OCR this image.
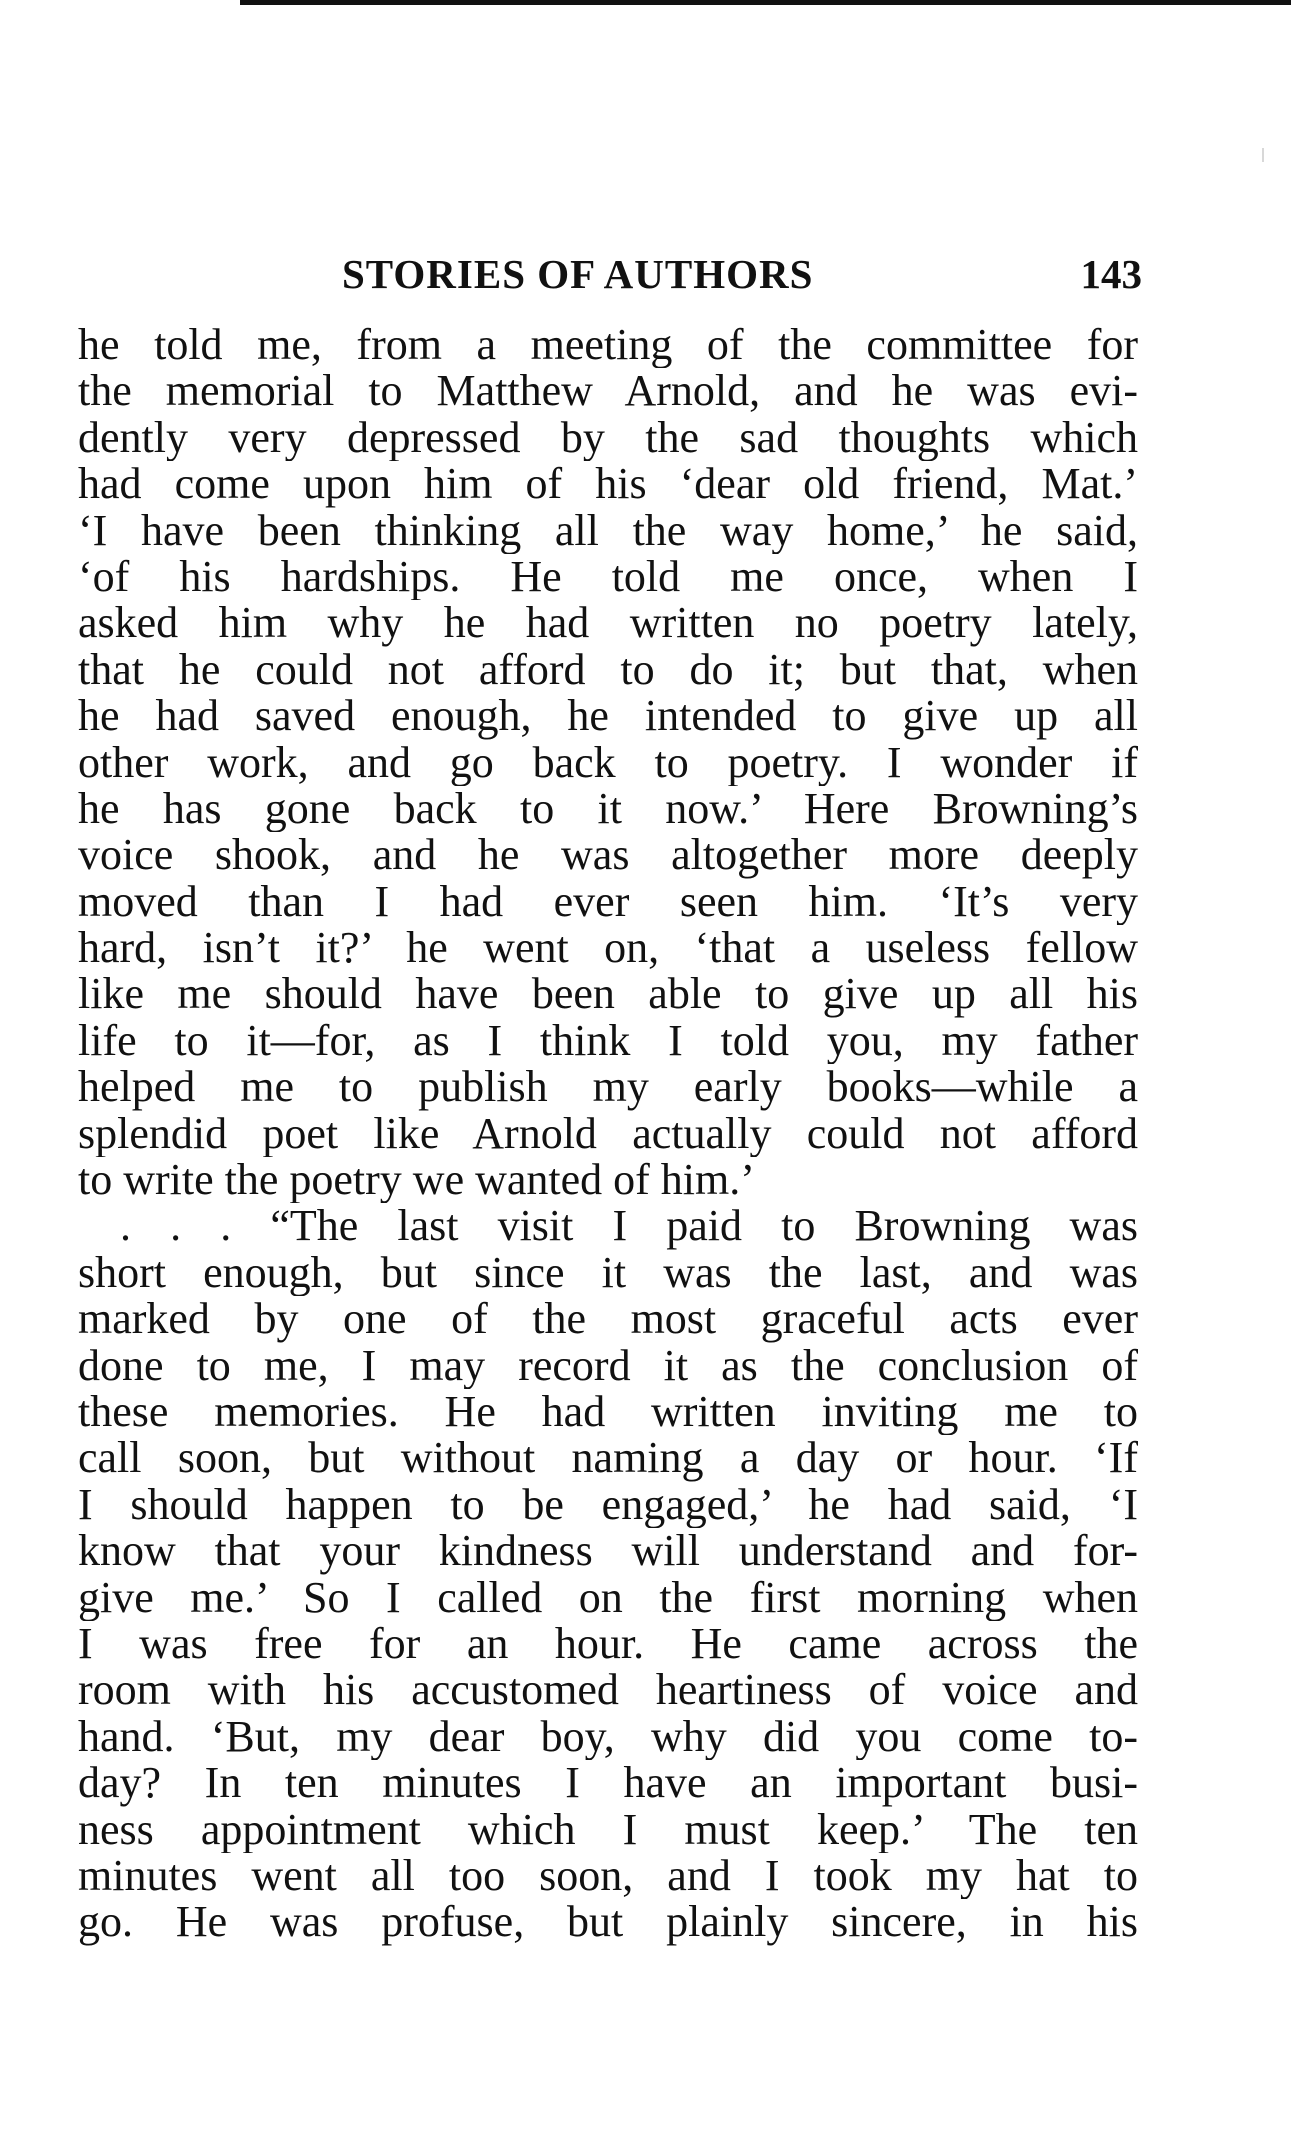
STORIES OF AUTHORS	143
he told me, from a meeting of the committee for
the memorial to Matthew Arnold, and he was evi-
dently very depressed by the sad thoughts which
had come upon him of his ‘dear old friend, Mat.’
‘I have been thinking all the way home,’ he said,
‘of his hardships. He told me once, when I
asked him why he had written no poetry lately,
that he could not afford to do it; but that, when
he had saved enough, he intended to give up all
other work, and go back to poetry. I wonder if
he has gone back to it now.’ Here Browning’s
voice shook, and he was altogether more deeply
moved than I had ever seen him. ‘It’s very
hard, isn’t it?’ he went on, ‘that a useless fellow
like me should have been able to give up all his
life to it—for, as I think I told you, my father
helped me to publish my early books—while a
splendid poet like Arnold actually could not afford
to write the poetry we wanted of him.’
. . . “The last visit I paid to Browning was
short enough, but since it was the last, and was
marked by one of the most graceful acts ever
done to me, I may record it as the conclusion of
these memories. He had written inviting me to
call soon, but without naming a day or hour. ‘If
I should happen to be engaged,’ he had said, ‘I
know that your kindness will understand and for-
give me.’ So I called on the first morning when
I was free for an hour. He came across the
room with his accustomed heartiness of voice and
hand. ‘But, my dear boy, why did you come to-
day? In ten minutes I have an important busi-
ness appointment which I must keep.’ The ten
minutes went all too soon, and I took my hat to
go. He was profuse, but plainly sincere, in his
